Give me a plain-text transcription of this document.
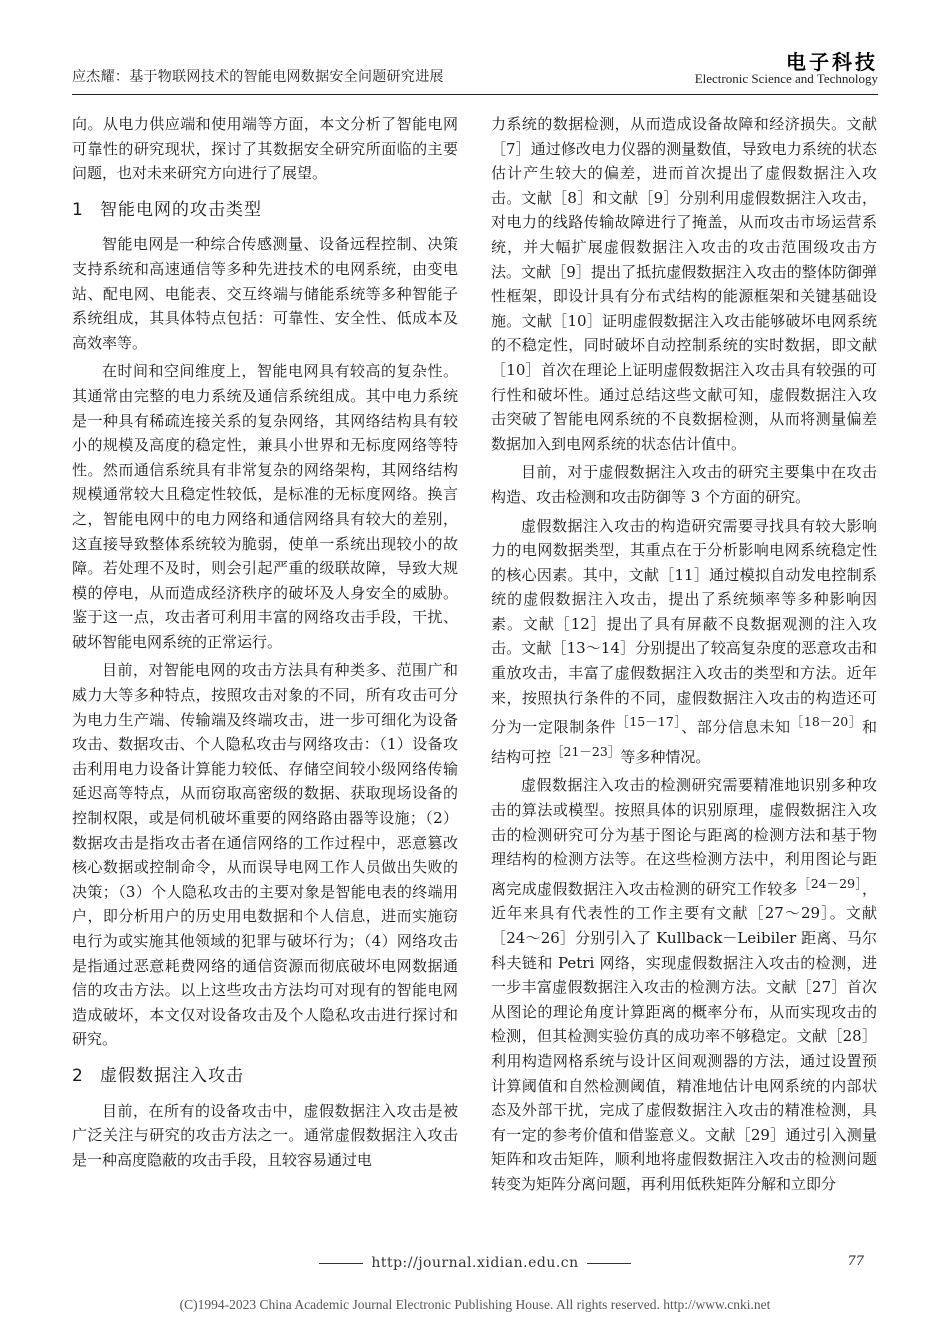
应杰耀：基于物联网技术的智能电网数据安全问题研究进展
电子科技
Electronic Science and Technology

向。从电力供应端和使用端等方面，本文分析了智能电网可靠性的研究现状，探讨了其数据安全研究所面临的主要问题，也对未来研究方向进行了展望。

1 智能电网的攻击类型

智能电网是一种综合传感测量、设备远程控制、决策支持系统和高速通信等多种先进技术的电网系统，由变电站、配电网、电能表、交互终端与储能系统等多种智能子系统组成，其具体特点包括：可靠性、安全性、低成本及高效率等。

在时间和空间维度上，智能电网具有较高的复杂性。其通常由完整的电力系统及通信系统组成。其中电力系统是一种具有稀疏连接关系的复杂网络，其网络结构具有较小的规模及高度的稳定性，兼具小世界和无标度网络等特性。然而通信系统具有非常复杂的网络架构，其网络结构规模通常较大且稳定性较低，是标准的无标度网络。换言之，智能电网中的电力网络和通信网络具有较大的差别，这直接导致整体系统较为脆弱，使单一系统出现较小的故障。若处理不及时，则会引起严重的级联故障，导致大规模的停电，从而造成经济秩序的破坏及人身安全的威胁。鉴于这一点，攻击者可利用丰富的网络攻击手段，干扰、破坏智能电网系统的正常运行。

目前，对智能电网的攻击方法具有种类多、范围广和威力大等多种特点，按照攻击对象的不同，所有攻击可分为电力生产端、传输端及终端攻击，进一步可细化为设备攻击、数据攻击、个人隐私攻击与网络攻击：（1）设备攻击利用电力设备计算能力较低、存储空间较小级网络传输延迟高等特点，从而窃取高密级的数据、获取现场设备的控制权限，或是伺机破坏重要的网络路由器等设施；（2）数据攻击是指攻击者在通信网络的工作过程中，恶意篡改核心数据或控制命令，从而误导电网工作人员做出失败的决策；（3）个人隐私攻击的主要对象是智能电表的终端用户，即分析用户的历史用电数据和个人信息，进而实施窃电行为或实施其他领域的犯罪与破坏行为；（4）网络攻击是指通过恶意耗费网络的通信资源而彻底破坏电网数据通信的攻击方法。以上这些攻击方法均可对现有的智能电网造成破坏，本文仅对设备攻击及个人隐私攻击进行探讨和研究。

2 虚假数据注入攻击

目前，在所有的设备攻击中，虚假数据注入攻击是被广泛关注与研究的攻击方法之一。通常虚假数据注入攻击是一种高度隐蔽的攻击手段，且较容易通过电

力系统的数据检测，从而造成设备故障和经济损失。文献［7］通过修改电力仪器的测量数值，导致电力系统的状态估计产生较大的偏差，进而首次提出了虚假数据注入攻击。文献［8］和文献［9］分别利用虚假数据注入攻击，对电力的线路传输故障进行了掩盖，从而攻击市场运营系统，并大幅扩展虚假数据注入攻击的攻击范围级攻击方法。文献［9］提出了抵抗虚假数据注入攻击的整体防御弹性框架，即设计具有分布式结构的能源框架和关键基础设施。文献［10］证明虚假数据注入攻击能够破坏电网系统的不稳定性，同时破坏自动控制系统的实时数据，即文献［10］首次在理论上证明虚假数据注入攻击具有较强的可行性和破坏性。通过总结这些文献可知，虚假数据注入攻击突破了智能电网系统的不良数据检测，从而将测量偏差数据加入到电网系统的状态估计值中。

目前，对于虚假数据注入攻击的研究主要集中在攻击构造、攻击检测和攻击防御等 3 个方面的研究。

虚假数据注入攻击的构造研究需要寻找具有较大影响力的电网数据类型，其重点在于分析影响电网系统稳定性的核心因素。其中，文献［11］通过模拟自动发电控制系统的虚假数据注入攻击，提出了系统频率等多种影响因素。文献［12］提出了具有屏蔽不良数据观测的注入攻击。文献［13～14］分别提出了较高复杂度的恶意攻击和重放攻击，丰富了虚假数据注入攻击的类型和方法。近年来，按照执行条件的不同，虚假数据注入攻击的构造还可分为一定限制条件$^{[15-17]}$、部分信息未知$^{[18-20]}$和结构可控$^{[21-23]}$等多种情况。

虚假数据注入攻击的检测研究需要精准地识别多种攻击的算法或模型。按照具体的识别原理，虚假数据注入攻击的检测研究可分为基于图论与距离的检测方法和基于物理结构的检测方法等。在这些检测方法中，利用图论与距离完成虚假数据注入攻击检测的研究工作较多$^{[24-29]}$，近年来具有代表性的工作主要有文献［27～29］。文献［24～26］分别引入了 Kullback－Leibiler 距离、马尔科夫链和 Petri 网络，实现虚假数据注入攻击的检测，进一步丰富虚假数据注入攻击的检测方法。文献［27］首次从图论的理论角度计算距离的概率分布，从而实现攻击的检测，但其检测实验仿真的成功率不够稳定。文献［28］利用构造网格系统与设计区间观测器的方法，通过设置预计算阈值和自然检测阈值，精准地估计电网系统的内部状态及外部干扰，完成了虚假数据注入攻击的精准检测，具有一定的参考价值和借鉴意义。文献［29］通过引入测量矩阵和攻击矩阵，顺利地将虚假数据注入攻击的检测问题转变为矩阵分离问题，再利用低秩矩阵分解和立即分

http://journal.xidian.edu.cn	77
(C)1994-2023 China Academic Journal Electronic Publishing House. All rights reserved. http://www.cnki.net
